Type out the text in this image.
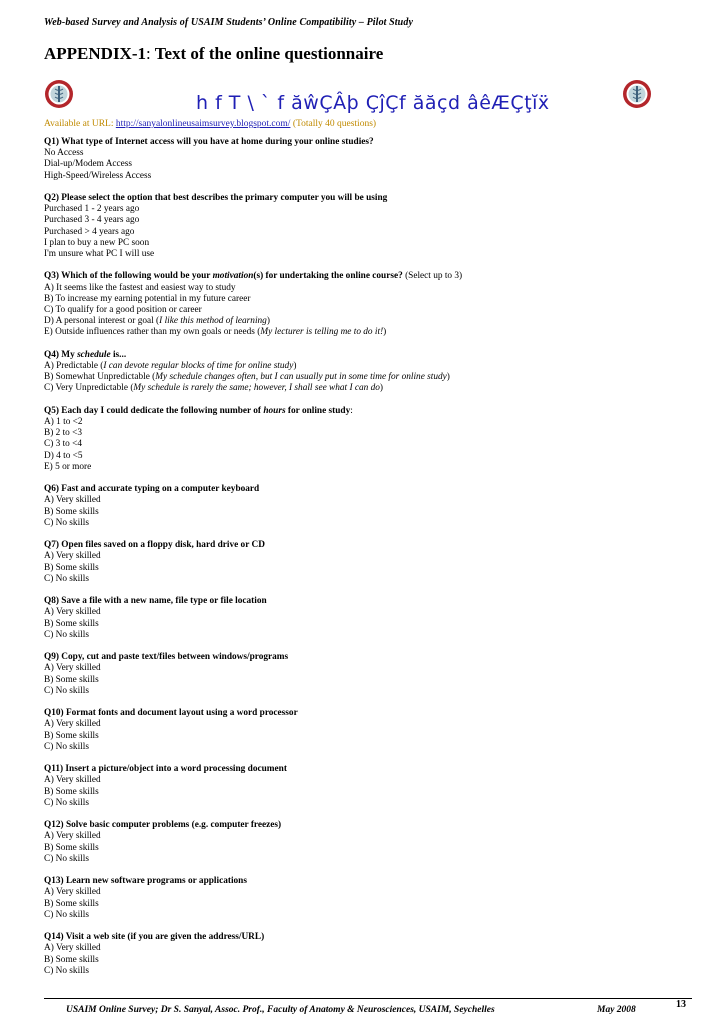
Web-based Survey and Analysis of USAIM Students’ Online Compatibility – Pilot Study
APPENDIX-1: Text of the online questionnaire
h f T \ ` f ăŵÇÂþ ÇĵÇf ăăçd âêÆÇţĭẍ
Available at URL: http://sanyalonlineusaimsurvey.blogspot.com/ (Totally 40 questions)
Q1) What type of Internet access will you have at home during your online studies?
No Access
Dial-up/Modem Access
High-Speed/Wireless Access
Q2) Please select the option that best describes the primary computer you will be using
Purchased 1 - 2 years ago
Purchased 3 - 4 years ago
Purchased > 4 years ago
I plan to buy a new PC soon
I'm unsure what PC I will use
Q3) Which of the following would be your motivation(s) for undertaking the online course? (Select up to 3)
A) It seems like the fastest and easiest way to study
B) To increase my earning potential in my future career
C) To qualify for a good position or career
D) A personal interest or goal (I like this method of learning)
E) Outside influences rather than my own goals or needs (My lecturer is telling me to do it!)
Q4) My schedule is...
A) Predictable (I can devote regular blocks of time for online study)
B) Somewhat Unpredictable (My schedule changes often, but I can usually put in some time for online study)
C) Very Unpredictable (My schedule is rarely the same; however, I shall see what I can do)
Q5) Each day I could dedicate the following number of hours for online study:
A) 1 to <2
B) 2 to <3
C) 3 to <4
D) 4 to <5
E) 5 or more
Q6) Fast and accurate typing on a computer keyboard
A) Very skilled
B) Some skills
C) No skills
Q7) Open files saved on a floppy disk, hard drive or CD
A) Very skilled
B) Some skills
C) No skills
Q8) Save a file with a new name, file type or file location
A) Very skilled
B) Some skills
C) No skills
Q9) Copy, cut and paste text/files between windows/programs
A) Very skilled
B) Some skills
C) No skills
Q10) Format fonts and document layout using a word processor
A) Very skilled
B) Some skills
C) No skills
Q11) Insert a picture/object into a word processing document
A) Very skilled
B) Some skills
C) No skills
Q12) Solve basic computer problems (e.g. computer freezes)
A) Very skilled
B) Some skills
C) No skills
Q13) Learn new software programs or applications
A) Very skilled
B) Some skills
C) No skills
Q14) Visit a web site (if you are given the address/URL)
A) Very skilled
B) Some skills
C) No skills
USAIM Online Survey; Dr S. Sanyal, Assoc. Prof., Faculty of Anatomy & Neurosciences, USAIM, Seychelles	May 2008	13
